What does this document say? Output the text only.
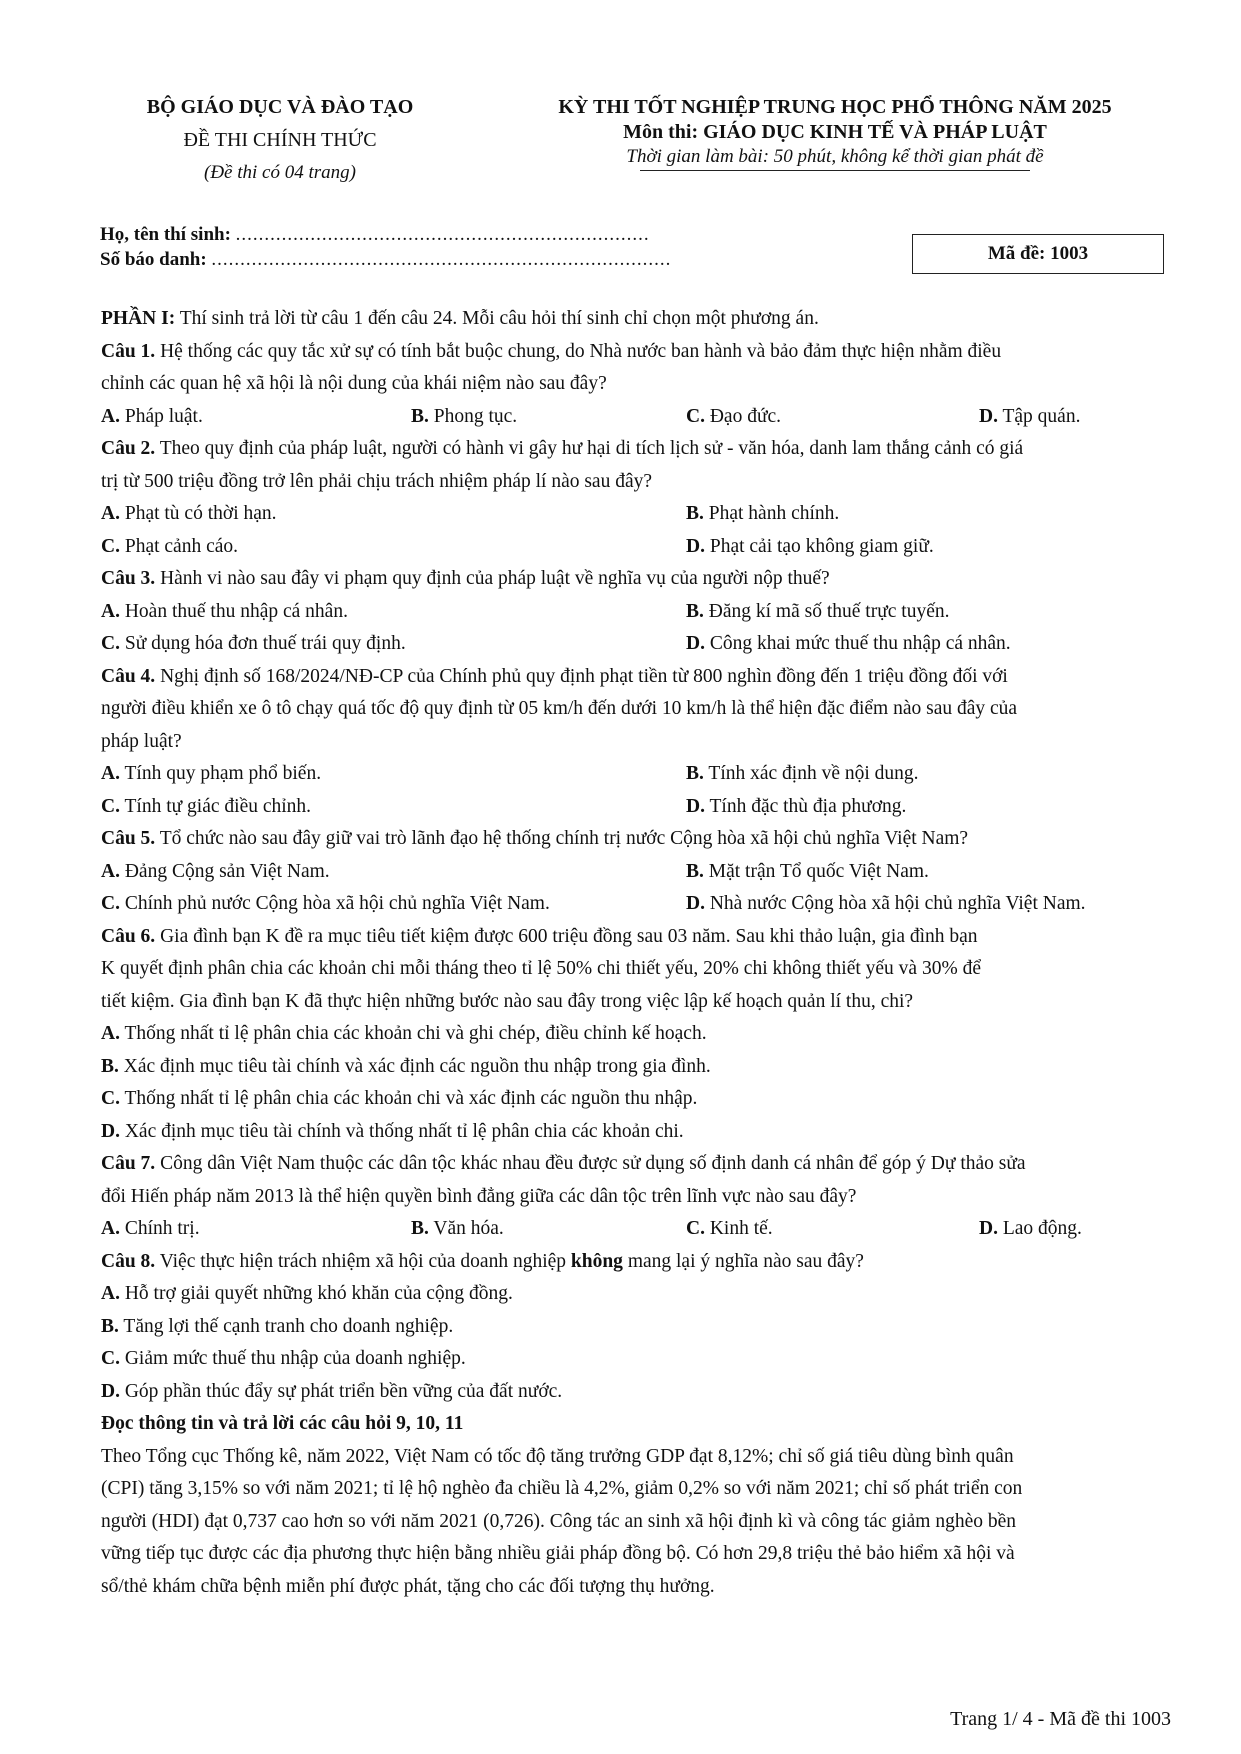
BỘ GIÁO DỤC VÀ ĐÀO TẠO
ĐỀ THI CHÍNH THỨC
(Đề thi có 04 trang)
KỲ THI TỐT NGHIỆP TRUNG HỌC PHỔ THÔNG NĂM 2025
Môn thi: GIÁO DỤC KINH TẾ VÀ PHÁP LUẬT
Thời gian làm bài: 50 phút, không kể thời gian phát đề
Họ, tên thí sinh: ........................................................................
Số báo danh: ................................................................................	Mã đề: 1003
PHẦN I: Thí sinh trả lời từ câu 1 đến câu 24. Mỗi câu hỏi thí sinh chỉ chọn một phương án.
Câu 1. Hệ thống các quy tắc xử sự có tính bắt buộc chung, do Nhà nước ban hành và bảo đảm thực hiện nhằm điều
chỉnh các quan hệ xã hội là nội dung của khái niệm nào sau đây?
A. Pháp luật.	B. Phong tục.	C. Đạo đức.	D. Tập quán.
Câu 2. Theo quy định của pháp luật, người có hành vi gây hư hại di tích lịch sử - văn hóa, danh lam thắng cảnh có giá
trị từ 500 triệu đồng trở lên phải chịu trách nhiệm pháp lí nào sau đây?
A. Phạt tù có thời hạn.	B. Phạt hành chính.
C. Phạt cảnh cáo.	D. Phạt cải tạo không giam giữ.
Câu 3. Hành vi nào sau đây vi phạm quy định của pháp luật về nghĩa vụ của người nộp thuế?
A. Hoàn thuế thu nhập cá nhân.	B. Đăng kí mã số thuế trực tuyến.
C. Sử dụng hóa đơn thuế trái quy định.	D. Công khai mức thuế thu nhập cá nhân.
Câu 4. Nghị định số 168/2024/NĐ-CP của Chính phủ quy định phạt tiền từ 800 nghìn đồng đến 1 triệu đồng đối với
người điều khiển xe ô tô chạy quá tốc độ quy định từ 05 km/h đến dưới 10 km/h là thể hiện đặc điểm nào sau đây của
pháp luật?
A. Tính quy phạm phổ biến.	B. Tính xác định về nội dung.
C. Tính tự giác điều chỉnh.	D. Tính đặc thù địa phương.
Câu 5. Tổ chức nào sau đây giữ vai trò lãnh đạo hệ thống chính trị nước Cộng hòa xã hội chủ nghĩa Việt Nam?
A. Đảng Cộng sản Việt Nam.	B. Mặt trận Tổ quốc Việt Nam.
C. Chính phủ nước Cộng hòa xã hội chủ nghĩa Việt Nam.	D. Nhà nước Cộng hòa xã hội chủ nghĩa Việt Nam.
Câu 6. Gia đình bạn K đề ra mục tiêu tiết kiệm được 600 triệu đồng sau 03 năm. Sau khi thảo luận, gia đình bạn
K quyết định phân chia các khoản chi mỗi tháng theo tỉ lệ 50% chi thiết yếu, 20% chi không thiết yếu và 30% để
tiết kiệm. Gia đình bạn K đã thực hiện những bước nào sau đây trong việc lập kế hoạch quản lí thu, chi?
A. Thống nhất tỉ lệ phân chia các khoản chi và ghi chép, điều chỉnh kế hoạch.
B. Xác định mục tiêu tài chính và xác định các nguồn thu nhập trong gia đình.
C. Thống nhất tỉ lệ phân chia các khoản chi và xác định các nguồn thu nhập.
D. Xác định mục tiêu tài chính và thống nhất tỉ lệ phân chia các khoản chi.
Câu 7. Công dân Việt Nam thuộc các dân tộc khác nhau đều được sử dụng số định danh cá nhân để góp ý Dự thảo sửa
đổi Hiến pháp năm 2013 là thể hiện quyền bình đẳng giữa các dân tộc trên lĩnh vực nào sau đây?
A. Chính trị.	B. Văn hóa.	C. Kinh tế.	D. Lao động.
Câu 8. Việc thực hiện trách nhiệm xã hội của doanh nghiệp không mang lại ý nghĩa nào sau đây?
A. Hỗ trợ giải quyết những khó khăn của cộng đồng.
B. Tăng lợi thế cạnh tranh cho doanh nghiệp.
C. Giảm mức thuế thu nhập của doanh nghiệp.
D. Góp phần thúc đẩy sự phát triển bền vững của đất nước.
Đọc thông tin và trả lời các câu hỏi 9, 10, 11
Theo Tổng cục Thống kê, năm 2022, Việt Nam có tốc độ tăng trưởng GDP đạt 8,12%; chỉ số giá tiêu dùng bình quân
(CPI) tăng 3,15% so với năm 2021; tỉ lệ hộ nghèo đa chiều là 4,2%, giảm 0,2% so với năm 2021; chỉ số phát triển con
người (HDI) đạt 0,737 cao hơn so với năm 2021 (0,726). Công tác an sinh xã hội định kì và công tác giảm nghèo bền
vững tiếp tục được các địa phương thực hiện bằng nhiều giải pháp đồng bộ. Có hơn 29,8 triệu thẻ bảo hiểm xã hội và
sổ/thẻ khám chữa bệnh miễn phí được phát, tặng cho các đối tượng thụ hưởng.
Trang 1/ 4 - Mã đề thi 1003
